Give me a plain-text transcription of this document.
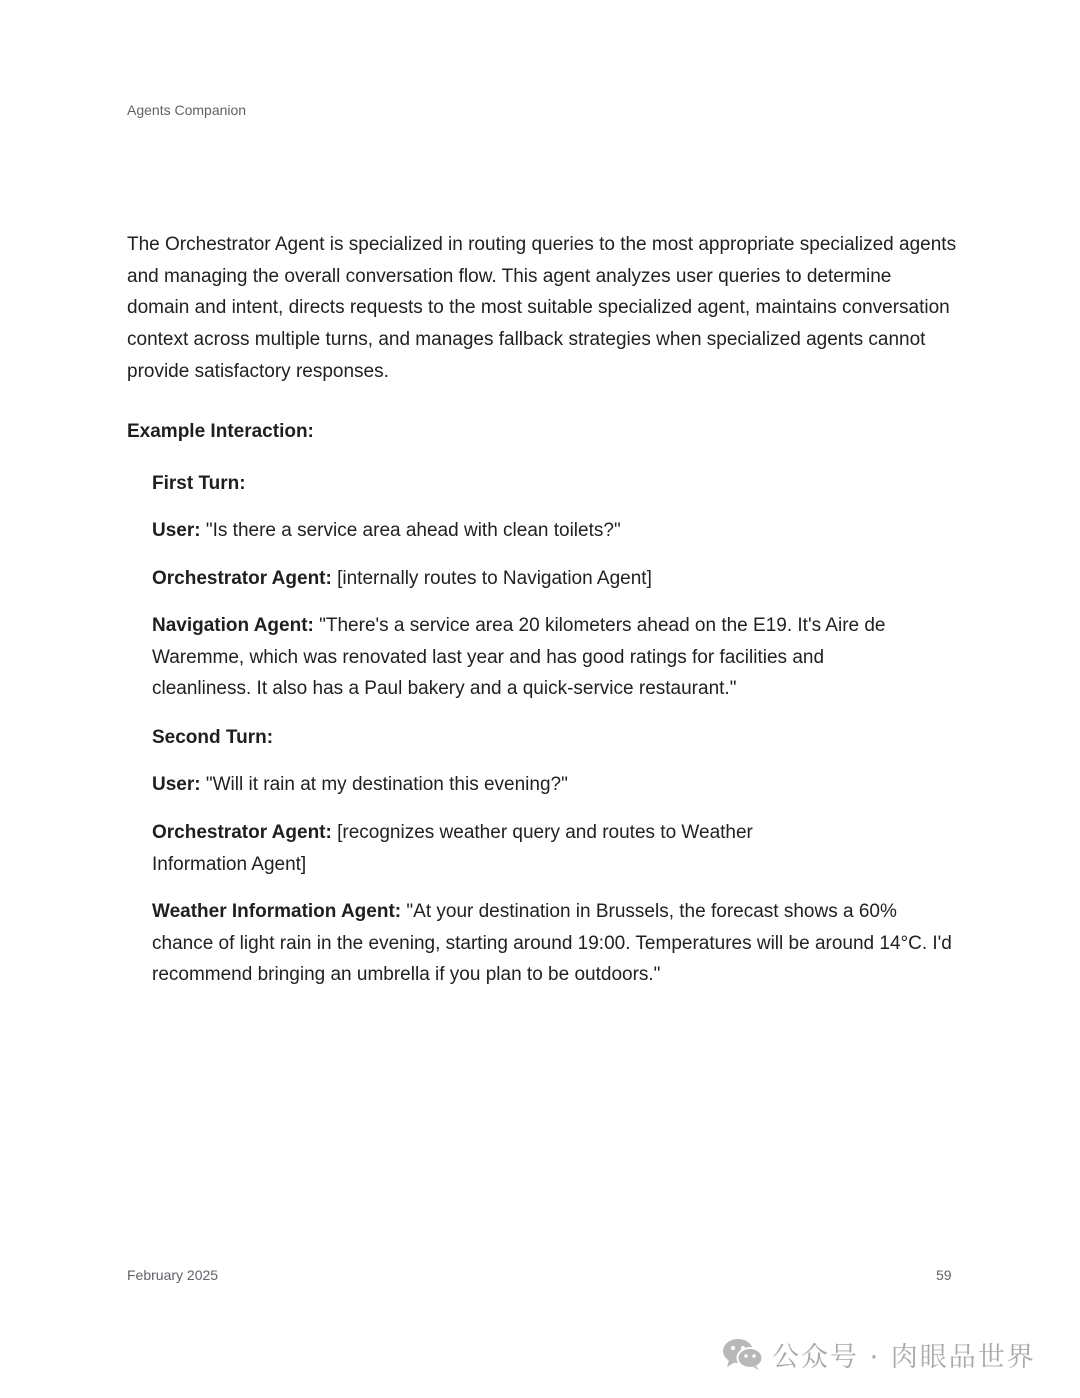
Agents Companion

The Orchestrator Agent is specialized in routing queries to the most appropriate specialized agents and managing the overall conversation flow. This agent analyzes user queries to determine domain and intent, directs requests to the most suitable specialized agent, maintains conversation context across multiple turns, and manages fallback strategies when specialized agents cannot provide satisfactory responses.

Example Interaction:

First Turn:

User: "Is there a service area ahead with clean toilets?"

Orchestrator Agent: [internally routes to Navigation Agent]

Navigation Agent: "There's a service area 20 kilometers ahead on the E19. It's Aire de Waremme, which was renovated last year and has good ratings for facilities and cleanliness. It also has a Paul bakery and a quick-service restaurant."

Second Turn:

User: "Will it rain at my destination this evening?"

Orchestrator Agent: [recognizes weather query and routes to Weather Information Agent]

Weather Information Agent: "At your destination in Brussels, the forecast shows a 60% chance of light rain in the evening, starting around 19:00. Temperatures will be around 14°C. I'd recommend bringing an umbrella if you plan to be outdoors."

February 2025	59
公众号 · 肉眼品世界
